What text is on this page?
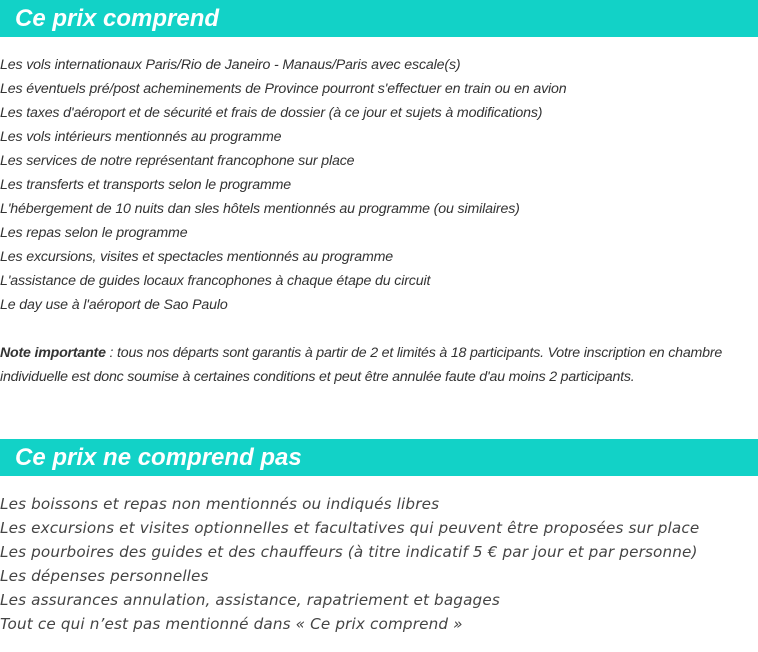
Ce prix comprend
Les vols internationaux Paris/Rio de Janeiro - Manaus/Paris avec escale(s)
Les éventuels pré/post acheminements de Province pourront s'effectuer en train ou en avion
Les taxes d'aéroport et de sécurité et frais de dossier (à ce jour et sujets à modifications)
Les vols intérieurs mentionnés au programme
Les services de notre représentant francophone sur place
Les transferts et transports selon le programme
L'hébergement de 10 nuits dan sles hôtels mentionnés au programme (ou similaires)
Les repas selon le programme
Les excursions, visites et spectacles mentionnés au programme
L'assistance de guides locaux francophones à chaque étape du circuit
Le day use à l'aéroport de Sao Paulo
Note importante : tous nos départs sont garantis à partir de 2 et limités à 18 participants. Votre inscription en chambre individuelle est donc soumise à certaines conditions et peut être annulée faute d'au moins 2 participants.
Ce prix ne comprend pas
Les boissons et repas non mentionnés ou indiqués libres
Les excursions et visites optionnelles et facultatives qui peuvent être proposées sur place
Les pourboires des guides et des chauffeurs (à titre indicatif 5 € par jour et par personne)
Les dépenses personnelles
Les assurances annulation, assistance, rapatriement et bagages
Tout ce qui n’est pas mentionné dans « Ce prix comprend »
